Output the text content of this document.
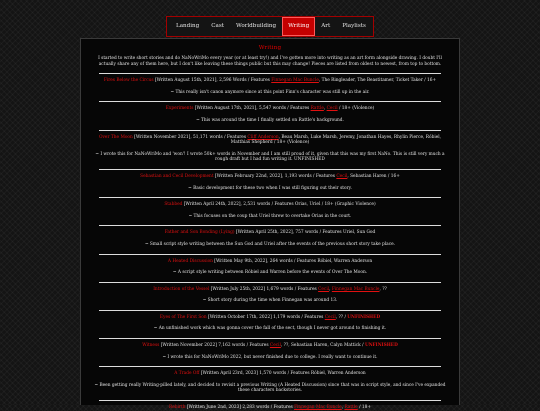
Landing	Cast	Worldbuilding	Writing	Art	Playlists
Writing

I started to write short stories and do NaNoWriMo every year (or at least try!) and I've gotten more into writing as an art form alongside drawing. I doubt I'll actually share any of them here, but I don't like leaving these things public but this may change! Pieces are listed from oldest to newest, from top to bottom.

Fires Below the Circus [Written August 15th, 2021], 2,596 Words / Features Finnegan Mac Buncle, The Ringleader, The Beastitamer, Ticket Taker / 16+

~ This really isn't canon anymore since at this point Finn's character was still up in the air.

Experiments [Written August 17th, 2021], 5,547 words / Features Rattle, Cecil / 18+ (Violence)

~ This was around the time I finally settled on Rattle's background.

Over The Moon [Written November 2021], 51,171 words / Features Cliff Anderson, Beau Marsh, Luke Marsh, Jeremy, Jonathan Hayes, Rhylin Pierce, Róbiel, Matthias Shepherd / 18+ (Violence)

~ I wrote this for NaNoWriMo and 'won'! I wrote 50k+ words in November and I am still proud of it, given that this was my first NaNo. This is still very much a rough draft but I had fun writing it. UNFINISHED

Sebastian and Cecil Development [Written February 22nd, 2022], 1,193 words / Features Cecil, Sebastian Haren / 16+

~ Basic development for these two when I was still figuring out their story.

Stabbed [Written April 24th, 2022], 2,531 words / Features Orias, Uriel / 18+ (Graphic Violence)

~ This focuses on the coup that Uriel threw to overtake Orias in the court.

Father and Son Bonding (Lying) [Written April 25th, 2022], 757 words / Features Uriel, Sun God

~ Small script style writing between the Sun God and Uriel after the events of the previous short story take place.

A Heated Discussion [Written May 9th, 2022], 264 words / Features Róbiel, Warren Anderson

~ A script style writing between Róbiel and Warren before the events of Over The Moon.

Introduction of the Vessel [Written July 25th, 2022] 1,679 words / Features Cecil, Finnegan Mac Buncle, ??

~ Short story during the time when Finnegan was around 13.

Eyes of The First Son [Written October 17th, 2022] 1,179 words / Features Cecil, ?? / UNFINISHED

~ An unfinished work which was gonna cover the fall of the sect, though I never got around to finishing it.

Witness [Written November 2022] 7,162 words / Features Cecil, ??, Sebastian Haren, Calyn Mattick / UNFINISHED

~ I wrote this for NaNoWriMo 2022, but never finished due to college. I really want to continue it.

A Trade Off [Written April 23rd, 2023] 1,570 words / Features Róbiel, Warren Anderson

~ Been getting really Writing-pilled lately, and decided to revisit a previous Writing (A Heated Discussion) since that was in script style, and since I've expanded these characters backstories.

Rebirth [Written June 2nd, 2023] 2,283 words / Features Finnegan Mac Buncle, Rattle / 18+
